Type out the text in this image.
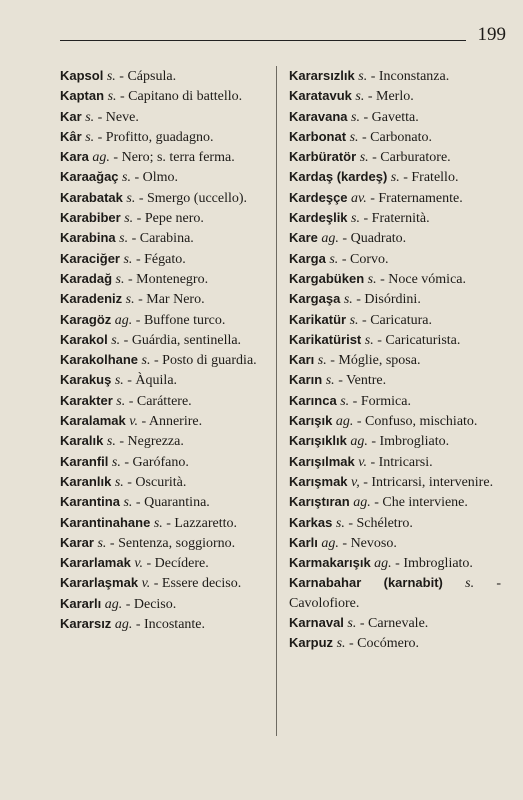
199
Kapsol s. - Cápsula.
Kaptan s. - Capitano di battello.
Kar s. - Neve.
Kâr s. - Profitto, guadagno.
Kara ag. - Nero; s. terra ferma.
Karaağaç s. - Olmo.
Karabatak s. - Smergo (uccello).
Karabiber s. - Pepe nero.
Karabina s. - Carabina.
Karaciğer s. - Fégato.
Karadağ s. - Montenegro.
Karadeniz s. - Mar Nero.
Karagöz ag. - Buffone turco.
Karakol s. - Guárdia, sentinella.
Karakolhane s. - Posto di guardia.
Karakuş s. - Àquila.
Karakter s. - Caráttere.
Karalamak v. - Annerire.
Karalık s. - Negrezza.
Karanfil s. - Garófano.
Karanlık s. - Oscurità.
Karantina s. - Quarantina.
Karantinahane s. - Lazzaretto.
Karar s. - Sentenza, soggiorno.
Kararlamak v. - Decídere.
Kararlaşmak v. - Essere deciso.
Kararlı ag. - Deciso.
Kararsız ag. - Incostante.
Kararsızlık s. - Inconstanza.
Karatavuk s. - Merlo.
Karavana s. - Gavetta.
Karbonat s. - Carbonato.
Karbüratör s. - Carburatore.
Kardaş (kardeş) s. - Fratello.
Kardeşçe av. - Fraternamente.
Kardeşlik s. - Fraternità.
Kare ag. - Quadrato.
Karga s. - Corvo.
Kargabüken s. - Noce vómica.
Kargaşa s. - Disórdini.
Karikatür s. - Caricatura.
Karikatürist s. - Caricaturista.
Karı s. - Móglie, sposa.
Karın s. - Ventre.
Karınca s. - Formica.
Karışık ag. - Confuso, mischiato.
Karışıklık ag. - Imbrogliato.
Karışılmak v. - Intricarsi.
Karışmak v, - Intricarsi, intervenire.
Karıştıran ag. - Che interviene.
Karkas s. - Schéletro.
Karlı ag. - Nevoso.
Karmakarışık ag. - Imbrogliato.
Karnabahar (karnabit) s. - Cavolofiore.
Karnaval s. - Carnevale.
Karpuz s. - Cocómero.
